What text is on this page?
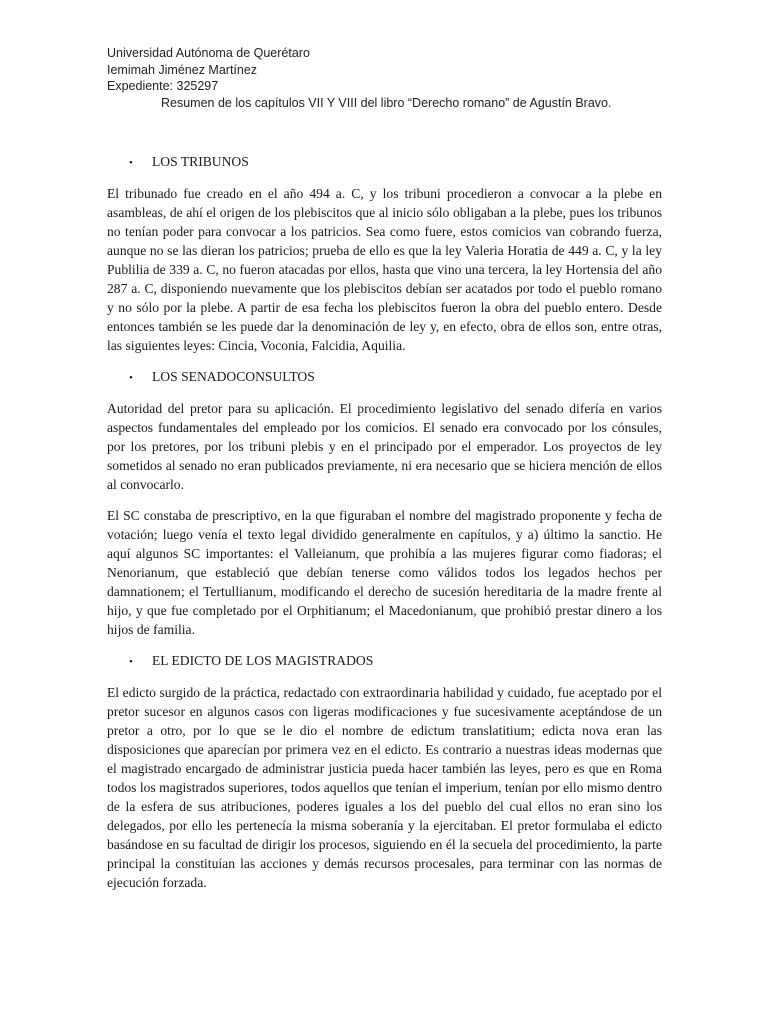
Universidad Autónoma de Querétaro
Iemimah Jiménez Martínez
Expediente: 325297
Resumen de los capítulos VII Y VIII del libro “Derecho romano” de Agustín Bravo.
•	LOS TRIBUNOS

El tribunado fue creado en el año 494 a. C, y los tribuni procedieron a convocar a la plebe en asambleas, de ahí el origen de los plebiscitos que al inicio sólo obligaban a la plebe, pues los tribunos no tenían poder para convocar a los patricios. Sea como fuere, estos comicios van cobrando fuerza, aunque no se las dieran los patricios; prueba de ello es que la ley Valeria Horatia de 449 a. C, y la ley Publilia de 339 a. C, no fueron atacadas por ellos, hasta que vino una tercera, la ley Hortensia del año 287 a. C, disponiendo nuevamente que los plebiscitos debían ser acatados por todo el pueblo romano y no sólo por la plebe. A partir de esa fecha los plebiscitos fueron la obra del pueblo entero. Desde entonces también se les puede dar la denominación de ley y, en efecto, obra de ellos son, entre otras, las siguientes leyes: Cincia, Voconia, Falcidia, Aquilia.

•	LOS SENADOCONSULTOS

Autoridad del pretor para su aplicación. El procedimiento legislativo del senado difería en varios aspectos fundamentales del empleado por los comicios. El senado era convocado por los cónsules, por los pretores, por los tribuni plebis y en el principado por el emperador. Los proyectos de ley sometidos al senado no eran publicados previamente, ni era necesario que se hiciera mención de ellos al convocarlo.

El SC constaba de prescriptivo, en la que figuraban el nombre del magistrado proponente y fecha de votación; luego venía el texto legal dividido generalmente en capítulos, y a) último la sanctio. He aquí algunos SC importantes: el Valleianum, que prohibía a las mujeres figurar como fiadoras; el Nenorianum, que estableció que debían tenerse como válidos todos los legados hechos per damnationem; el Tertullianum, modificando el derecho de sucesión hereditaria de la madre frente al hijo, y que fue completado por el Orphitianum; el Macedonianum, que prohibió prestar dinero a los hijos de familia.

•	EL EDICTO DE LOS MAGISTRADOS

El edicto surgido de la práctica, redactado con extraordinaria habilidad y cuidado, fue aceptado por el pretor sucesor en algunos casos con ligeras modificaciones y fue sucesivamente aceptándose de un pretor a otro, por lo que se le dio el nombre de edictum translatitium; edicta nova eran las disposiciones que aparecían por primera vez en el edicto. Es contrario a nuestras ideas modernas que el magistrado encargado de administrar justicia pueda hacer también las leyes, pero es que en Roma todos los magistrados superiores, todos aquellos que tenían el imperium, tenían por ello mismo dentro de la esfera de sus atribuciones, poderes iguales a los del pueblo del cual ellos no eran sino los delegados, por ello les pertenecía la misma soberanía y la ejercitaban. El pretor formulaba el edicto basándose en su facultad de dirigir los procesos, siguiendo en él la secuela del procedimiento, la parte principal la constituían las acciones y demás recursos procesales, para terminar con las normas de ejecución forzada.
